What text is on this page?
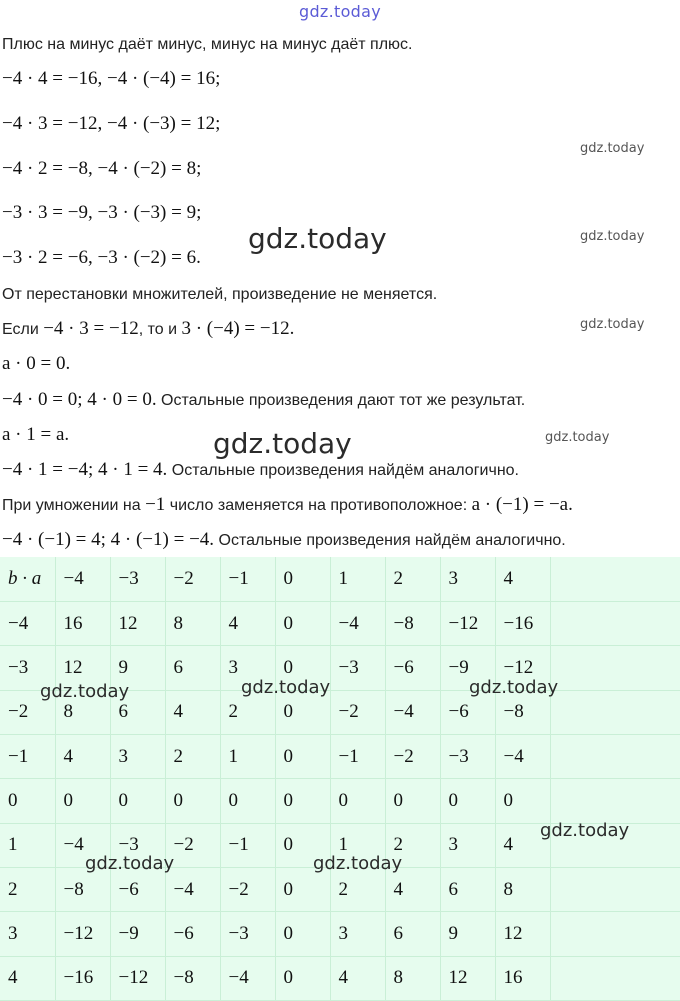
gdz.today
Плюс на минус даёт минус, минус на минус даёт плюс.
−4 · 4 = −16, −4 · (−4) = 16;
−4 · 3 = −12, −4 · (−3) = 12;
−4 · 2 = −8, −4 · (−2) = 8;
−3 · 3 = −9, −3 · (−3) = 9;
−3 · 2 = −6, −3 · (−2) = 6.
От перестановки множителей, произведение не меняется.
Если −4 · 3 = −12, то и 3 · (−4) = −12.
a · 0 = 0.
−4 · 0 = 0; 4 · 0 = 0. Остальные произведения дают тот же результат.
a · 1 = a.
−4 · 1 = −4; 4 · 1 = 4. Остальные произведения найдём аналогично.
При умножении на −1 число заменяется на противоположное: a · (−1) = −a.
−4 · (−1) = 4; 4 · (−1) = −4. Остальные произведения найдём аналогично.
b · a	−4	−3	−2	−1	0	1	2	3	4	
−4	16	12	8	4	0	−4	−8	−12	−16	
−3	12	9	6	3	0	−3	−6	−9	−12	
−2	8	6	4	2	0	−2	−4	−6	−8	
−1	4	3	2	1	0	−1	−2	−3	−4	
0	0	0	0	0	0	0	0	0	0	
1	−4	−3	−2	−1	0	1	2	3	4	
2	−8	−6	−4	−2	0	2	4	6	8	
3	−12	−9	−6	−3	0	3	6	9	12	
4	−16	−12	−8	−4	0	4	8	12	16	
gdz.today
gdz.today
gdz.today
gdz.today
gdz.today	gdz.today
gdz.today	gdz.today	gdz.today
gdz.today
gdz.today	gdz.today
